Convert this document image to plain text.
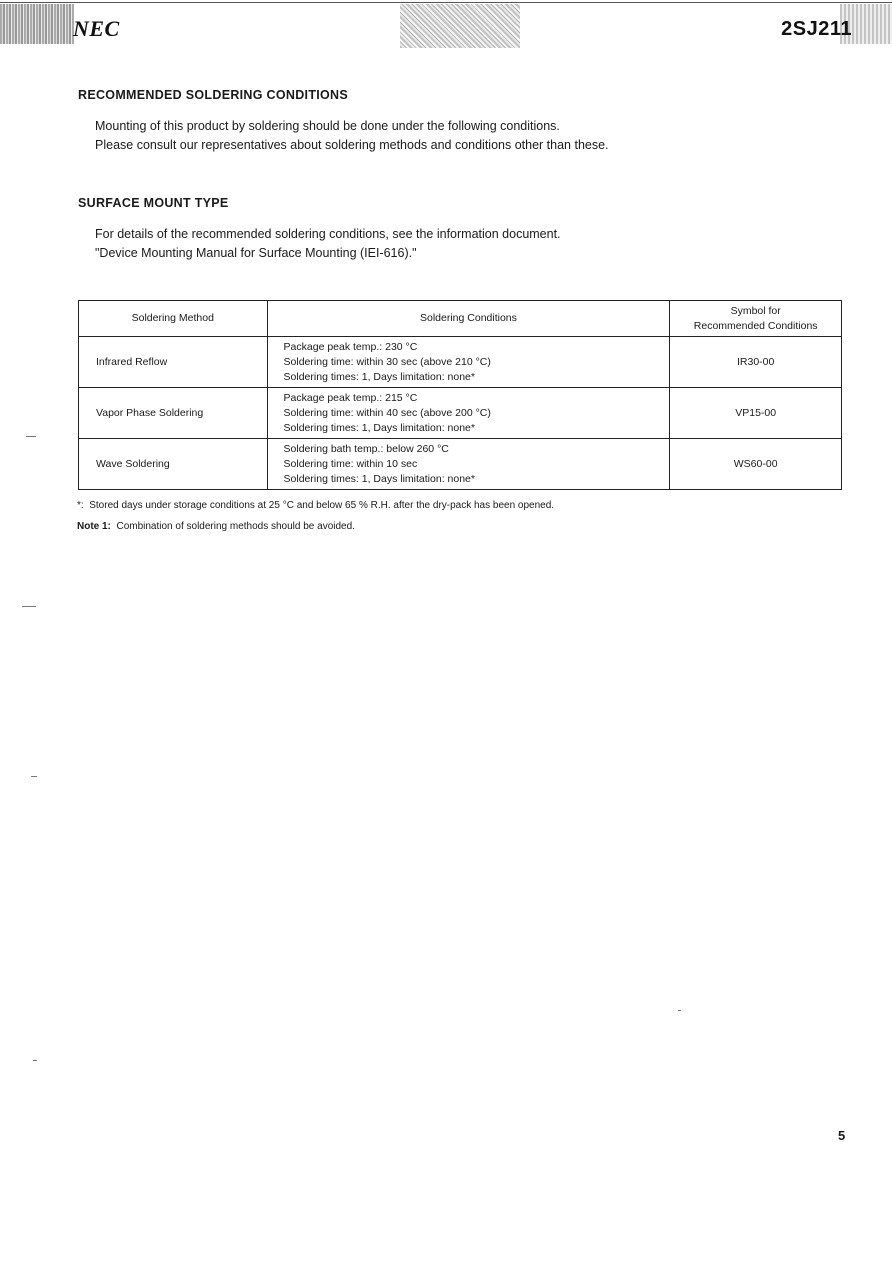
NEC	2SJ211
RECOMMENDED SOLDERING CONDITIONS
Mounting of this product by soldering should be done under the following conditions.
Please consult our representatives about soldering methods and conditions other than these.
SURFACE MOUNT TYPE
For details of the recommended soldering conditions, see the information document.
"Device Mounting Manual for Surface Mounting (IEI-616)."
Soldering Method	Soldering Conditions	Symbol for
Recommended Conditions

Infrared Reflow	Package peak temp.: 230 °C
Soldering time: within 30 sec (above 210 °C)
Soldering times: 1, Days limitation: none*	IR30-00
Vapor Phase Soldering	Package peak temp.: 215 °C
Soldering time: within 40 sec (above 200 °C)
Soldering times: 1, Days limitation: none*	VP15-00
Wave Soldering	Soldering bath temp.: below 260 °C
Soldering time: within 10 sec
Soldering times: 1, Days limitation: none*	WS60-00
*: Stored days under storage conditions at 25 °C and below 65 % R.H. after the dry-pack has been opened.
Note 1: Combination of soldering methods should be avoided.
5
